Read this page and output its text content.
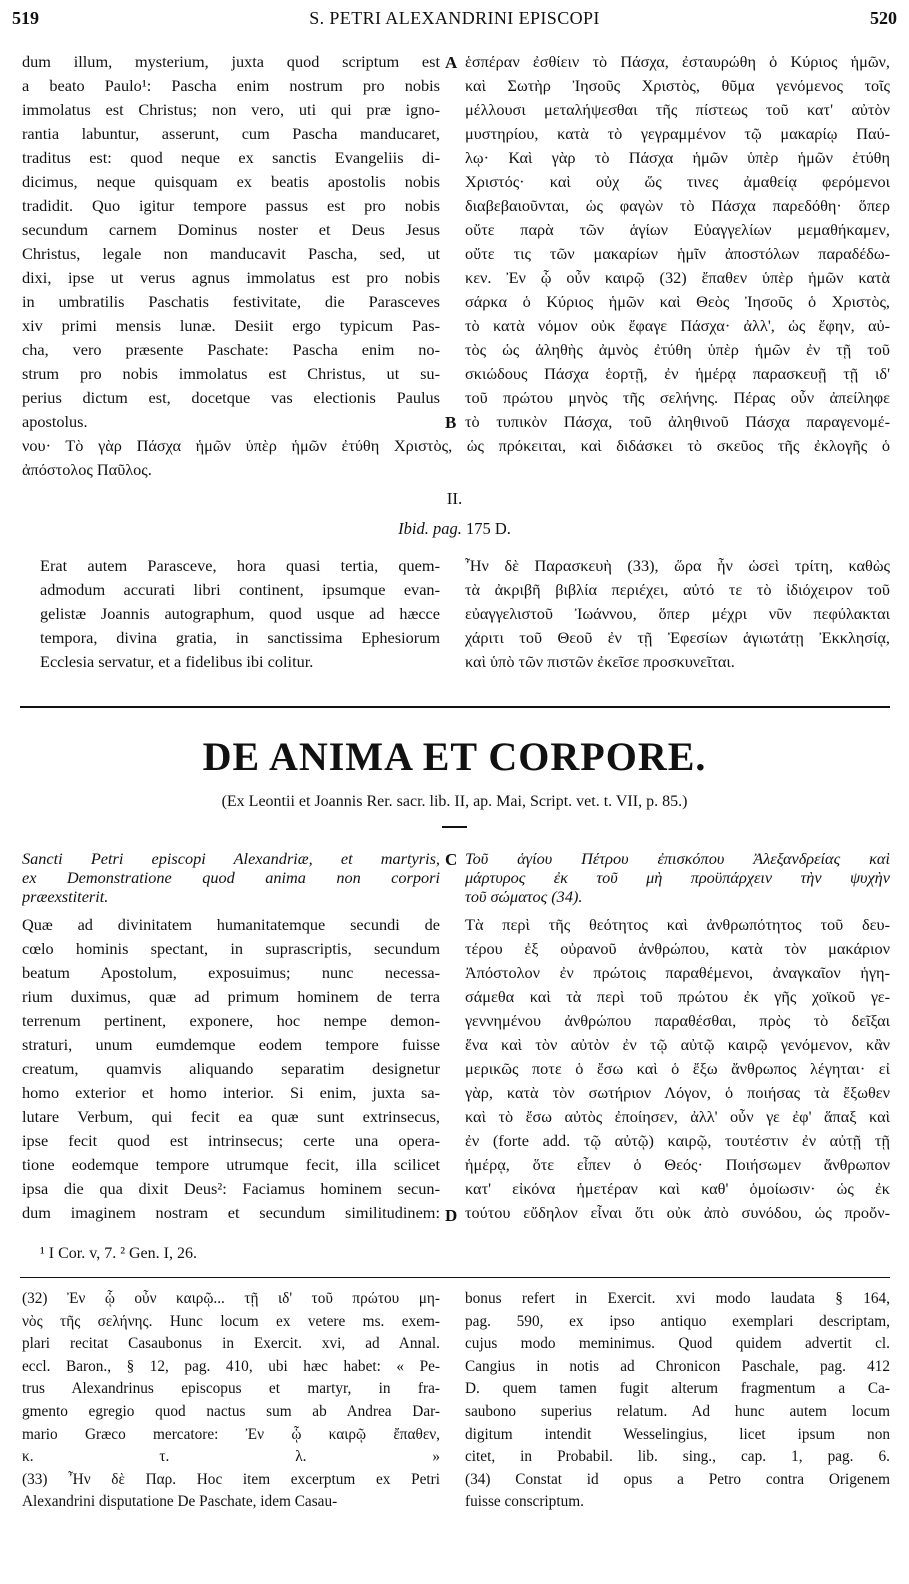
519	S. PETRI ALEXANDRINI EPISCOPI	520
dum illum, mysterium, juxta quod scriptum est
a beato Paulo¹: Pascha enim nostrum pro nobis
immolatus est Christus; non vero, uti qui præ igno-
rantia labuntur, asserunt, cum Pascha manducaret,
traditus est: quod neque ex sanctis Evangeliis di-
dicimus, neque quisquam ex beatis apostolis nobis
tradidit. Quo igitur tempore passus est pro nobis
secundum carnem Dominus noster et Deus Jesus
Christus, legale non manducavit Pascha, sed, ut
dixi, ipse ut verus agnus immolatus est pro nobis
in umbratilis Paschatis festivitate, die Parasceves
xiv primi mensis lunæ. Desiit ergo typicum Pas-
cha, vero præsente Paschate: Pascha enim no-
strum pro nobis immolatus est Christus, ut su-
perius dictum est, docetque vas electionis Paulus
apostolus.
A ἑσπέραν ἐσθίειν τὸ Πάσχα, ἐσταυρώθη ὁ Κύριος ἡμῶν,
καὶ Σωτὴρ Ἰησοῦς Χριστὸς, θῦμα γενόμενος τοῖς
μέλλουσι μεταλήψεσθαι τῆς πίστεως τοῦ κατ' αὐτὸν
μυστηρίου, κατὰ τὸ γεγραμμένον τῷ μακαρίῳ Παύ-
λῳ· Καὶ γὰρ τὸ Πάσχα ἡμῶν ὑπὲρ ἡμῶν ἐτύθη
Χριστός· καὶ οὐχ ὥς τινες ἀμαθείᾳ φερόμενοι
διαβεβαιοῦνται, ὡς φαγὼν τὸ Πάσχα παρεδόθη· ὅπερ
οὔτε παρὰ τῶν ἁγίων Εὐαγγελίων μεμαθήκαμεν,
οὔτε τις τῶν μακαρίων ἡμῖν ἀποστόλων παραδέδω-
κεν. Ἐν ᾧ οὖν καιρῷ (32) ἔπαθεν ὑπὲρ ἡμῶν κατὰ
σάρκα ὁ Κύριος ἡμῶν καὶ Θεὸς Ἰησοῦς ὁ Χριστὸς,
τὸ κατὰ νόμον οὐκ ἔφαγε Πάσχα· ἀλλ', ὡς ἔφην, αὐ-
τὸς ὡς ἀληθὴς ἀμνὸς ἐτύθη ὑπὲρ ἡμῶν ἐν τῇ τοῦ
σκιώδους Πάσχα ἑορτῇ, ἐν ἡμέρᾳ παρασκευῇ τῇ ιδ'
τοῦ πρώτου μηνὸς τῆς σελήνης. Πέρας οὖν ἀπείληφε
τὸ τυπικὸν Πάσχα, τοῦ ἀληθινοῦ Πάσχα παραγενομέ-
B
νου· Τὸ γὰρ Πάσχα ἡμῶν ὑπὲρ ἡμῶν ἐτύθη Χριστὸς, ὡς πρόκειται, καὶ διδάσκει τὸ σκεῦος τῆς ἐκλογῆς ὁ
ἀπόστολος Παῦλος.
II.
Ibid. pag. 175 D.
Erat autem Parasceve, hora quasi tertia, quem-
admodum accurati libri continent, ipsumque evan-
gelistæ Joannis autographum, quod usque ad hæcce
tempora, divina gratia, in sanctissima Ephesiorum
Ecclesia servatur, et a fidelibus ibi colitur.
Ἦν δὲ Παρασκευὴ (33), ὥρα ἦν ὡσεὶ τρίτη, καθὼς
τὰ ἀκριβῆ βιβλία περιέχει, αὐτό τε τὸ ἰδιόχειρον τοῦ
εὐαγγελιστοῦ Ἰωάννου, ὅπερ μέχρι νῦν πεφύλακται
χάριτι τοῦ Θεοῦ ἐν τῇ Ἐφεσίων ἁγιωτάτῃ Ἐκκλησίᾳ,
καὶ ὑπὸ τῶν πιστῶν ἐκεῖσε προσκυνεῖται.
DE ANIMA ET CORPORE.
(Ex Leontii et Joannis Rer. sacr. lib. II, ap. Mai, Script. vet. t. VII, p. 85.)
Sancti Petri episcopi Alexandriæ, et martyris,
ex Demonstratione quod anima non corpori
præexstiterit.
C Τοῦ ἁγίου Πέτρου ἐπισκόπου Ἀλεξανδρείας καὶ
μάρτυρος ἐκ τοῦ μὴ προϋπάρχειν τὴν ψυχὴν
τοῦ σώματος (34).
Quæ ad divinitatem humanitatemque secundi de
cœlo hominis spectant, in suprascriptis, secundum
beatum Apostolum, exposuimus; nunc necessa-
rium duximus, quæ ad primum hominem de terra
terrenum pertinent, exponere, hoc nempe demon-
straturi, unum eumdemque eodem tempore fuisse
creatum, quamvis aliquando separatim designetur
homo exterior et homo interior. Si enim, juxta sa-
lutare Verbum, qui fecit ea quæ sunt extrinsecus,
ipse fecit quod est intrinsecus; certe una opera-
tione eodemque tempore utrumque fecit, illa scilicet
ipsa die qua dixit Deus²: Faciamus hominem secun-
dum imaginem nostram et secundum similitudinem:
Τὰ περὶ τῆς θεότητος καὶ ἀνθρωπότητος τοῦ δευ-
τέρου ἐξ οὐρανοῦ ἀνθρώπου, κατὰ τὸν μακάριον
Ἀπόστολον ἐν πρώτοις παραθέμενοι, ἀναγκαῖον ἡγη-
σάμεθα καὶ τὰ περὶ τοῦ πρώτου ἐκ γῆς χοϊκοῦ γε-
γεννημένου ἀνθρώπου παραθέσθαι, πρὸς τὸ δεῖξαι
ἕνα καὶ τὸν αὐτὸν ἐν τῷ αὐτῷ καιρῷ γενόμενον, κἂν
μερικῶς ποτε ὁ ἔσω καὶ ὁ ἔξω ἄνθρωπος λέγηται· εἰ
γὰρ, κατὰ τὸν σωτήριον Λόγον, ὁ ποιήσας τὰ ἔξωθεν
καὶ τὸ ἔσω αὐτὸς ἐποίησεν, ἀλλ' οὖν γε ἐφ' ἅπαξ καὶ
ἐν (forte add. τῷ αὐτῷ) καιρῷ, τουτέστιν ἐν αὐτῇ τῇ
ἡμέρᾳ, ὅτε εἶπεν ὁ Θεός· Ποιήσωμεν ἄνθρωπον
κατ' εἰκόνα ἡμετέραν καὶ καθ' ὁμοίωσιν· ὡς ἐκ
τούτου εὔδηλον εἶναι ὅτι οὐκ ἀπὸ συνόδου, ὡς προὄν-
D
¹ I Cor. v, 7. ² Gen. I, 26.
(32) Ἐν ᾧ οὖν καιρῷ... τῇ ιδ' τοῦ πρώτου μη-
νὸς τῆς σελήνης. Hunc locum ex vetere ms. exem-
plari recitat Casaubonus in Exercit. xvi, ad Annal.
eccl. Baron., § 12, pag. 410, ubi hæc habet: « Pe-
trus Alexandrinus episcopus et martyr, in fra-
gmento egregio quod nactus sum ab Andrea Dar-
mario Græco mercatore: Ἐν ᾧ καιρῷ ἔπαθεν,
κ. τ. λ. »
(33) Ἦν δὲ Παρ. Hoc item excerptum ex Petri
Alexandrini disputatione De Paschate, idem Casau-
bonus refert in Exercit. xvi modo laudata § 164,
pag. 590, ex ipso antiquo exemplari descriptam,
cujus modo meminimus. Quod quidem advertit cl.
Cangius in notis ad Chronicon Paschale, pag. 412
D. quem tamen fugit alterum fragmentum a Ca-
saubono superius relatum. Ad hunc autem locum
digitum intendit Wesselingius, licet ipsum non
citet, in Probabil. lib. sing., cap. 1, pag. 6.
(34) Constat id opus a Petro contra Origenem
fuisse conscriptum.
